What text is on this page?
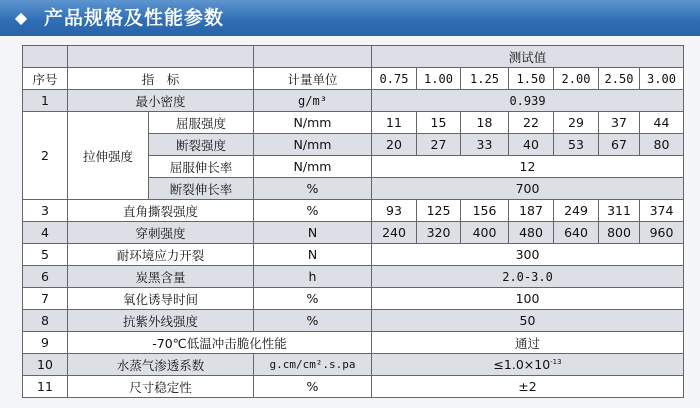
◆ 产品规格及性能参数
				测试值						
序号	指　标		计量单位	0.75	1.00	1.25	1.50	2.00	2.50	3.00
1	最小密度		g/m³	0.939						
2	拉伸强度	屈服强度	N/mm	11	15	18	22	29	37	44
		断裂强度	N/mm	20	27	33	40	53	67	80
		屈服伸长率	N/mm	12						
		断裂伸长率	%	700						
3	直角撕裂强度		%	93	125	156	187	249	311	374
4	穿刺强度		N	240	320	400	480	640	800	960
5	耐环境应力开裂		N	300						
6	炭黑含量		h	2.0-3.0						
7	氧化诱导时间		%	100						
8	抗紫外线强度		%	50						
9	-70℃低温冲击脆化性能			通过						
10	水蒸气渗透系数		g.cm/cm².s.pa	$\le 1.0\times 10^{-13}$
11	尺寸稳定性		%	±2						
